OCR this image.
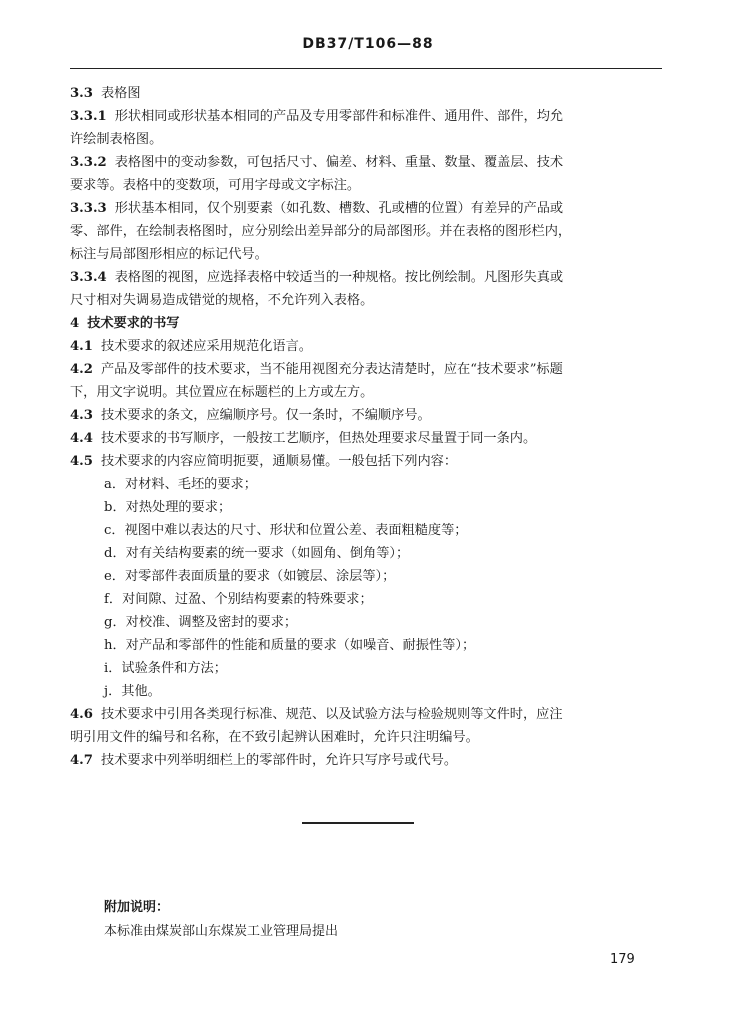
DB37/T106—88

3.3 表格图

3.3.1 形状相同或形状基本相同的产品及专用零部件和标准件、通用件、部件，均允

许绘制表格图。

3.3.2 表格图中的变动参数，可包括尺寸、偏差、材料、重量、数量、覆盖层、技术

要求等。表格中的变数项，可用字母或文字标注。

3.3.3 形状基本相同，仅个别要素（如孔数、槽数、孔或槽的位置）有差异的产品或

零、部件，在绘制表格图时，应分别绘出差异部分的局部图形。并在表格的图形栏内，

标注与局部图形相应的标记代号。

3.3.4 表格图的视图，应选择表格中较适当的一种规格。按比例绘制。凡图形失真或

尺寸相对失调易造成错觉的规格，不允许列入表格。

4 技术要求的书写

4.1 技术要求的叙述应采用规范化语言。

4.2 产品及零部件的技术要求，当不能用视图充分表达清楚时，应在“技术要求”标题

下，用文字说明。其位置应在标题栏的上方或左方。

4.3 技术要求的条文，应编顺序号。仅一条时，不编顺序号。

4.4 技术要求的书写顺序，一般按工艺顺序，但热处理要求尽量置于同一条内。

4.5 技术要求的内容应简明扼要，通顺易懂。一般包括下列内容：

a．对材料、毛坯的要求；

b．对热处理的要求；

c．视图中难以表达的尺寸、形状和位置公差、表面粗糙度等；

d．对有关结构要素的统一要求（如圆角、倒角等）；

e．对零部件表面质量的要求（如镀层、涂层等）；

f．对间隙、过盈、个别结构要素的特殊要求；

g．对校准、调整及密封的要求；

h．对产品和零部件的性能和质量的要求（如噪音、耐振性等）；

i．试验条件和方法；

j．其他。

4.6 技术要求中引用各类现行标准、规范、以及试验方法与检验规则等文件时，应注

明引用文件的编号和名称，在不致引起辨认困难时，允许只注明编号。

4.7 技术要求中列举明细栏上的零部件时，允许只写序号或代号。

附加说明：
本标准由煤炭部山东煤炭工业管理局提出
179
